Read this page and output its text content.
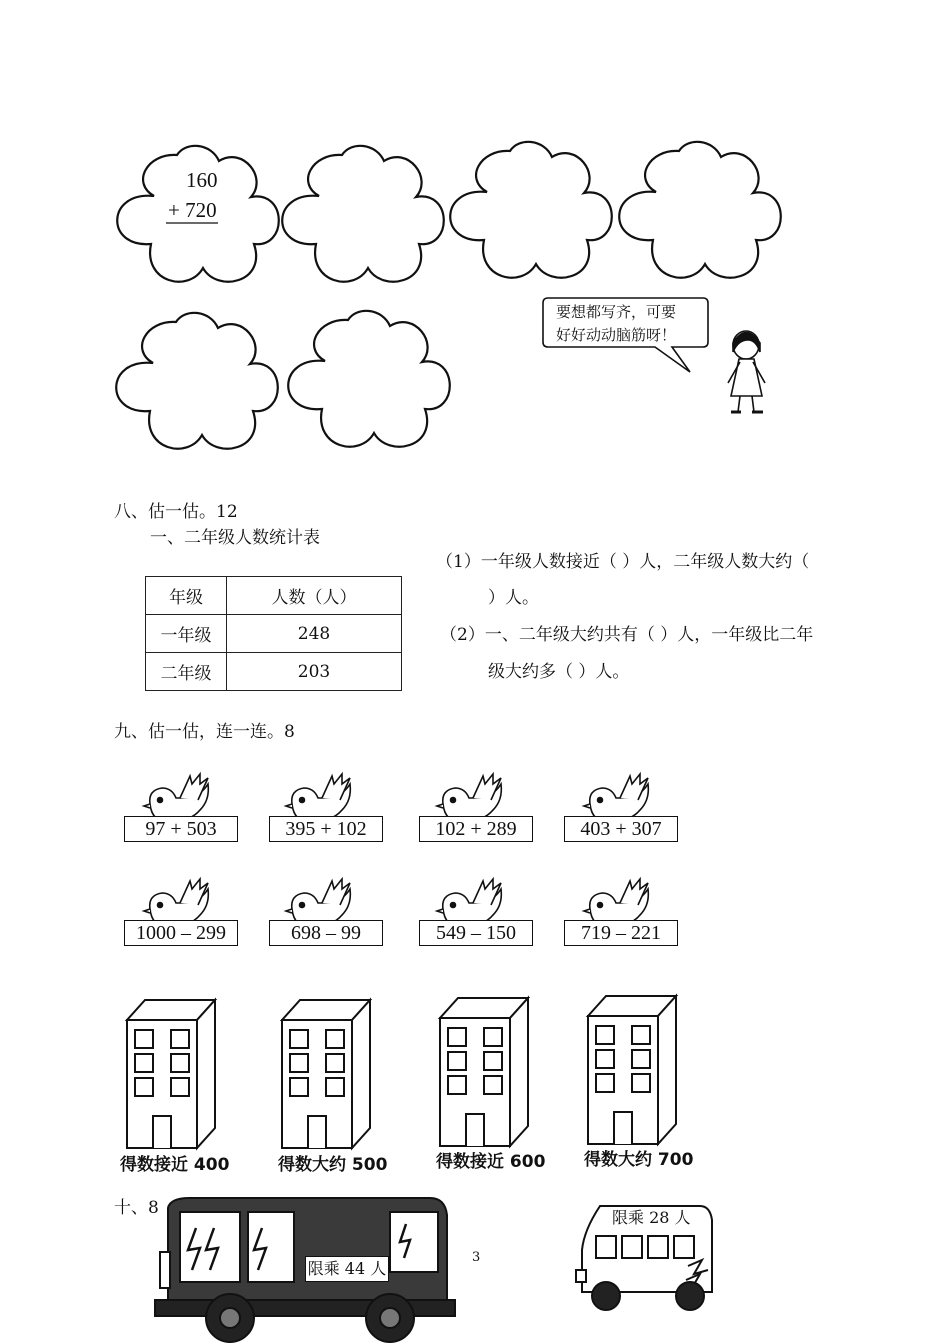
160
+ 720
要想都写齐，可要
好好动动脑筋呀！
八、估一估。12
一、二年级人数统计表
年级	人数（人）
一年级	248
二年级	203
（1）一年级人数接近（ ）人，二年级人数大约（
）人。
（2）一、二年级大约共有（ ）人，一年级比二年
级大约多（ ）人。
九、估一估，连一连。8
97 + 503	395 + 102	102 + 289	403 + 307
1000 – 299	698 – 99	549 – 150	719 – 221
得数接近 400	得数大约 500	得数接近 600 得数大约 700
十、8
限乘 44 人
限乘 28 人
3
